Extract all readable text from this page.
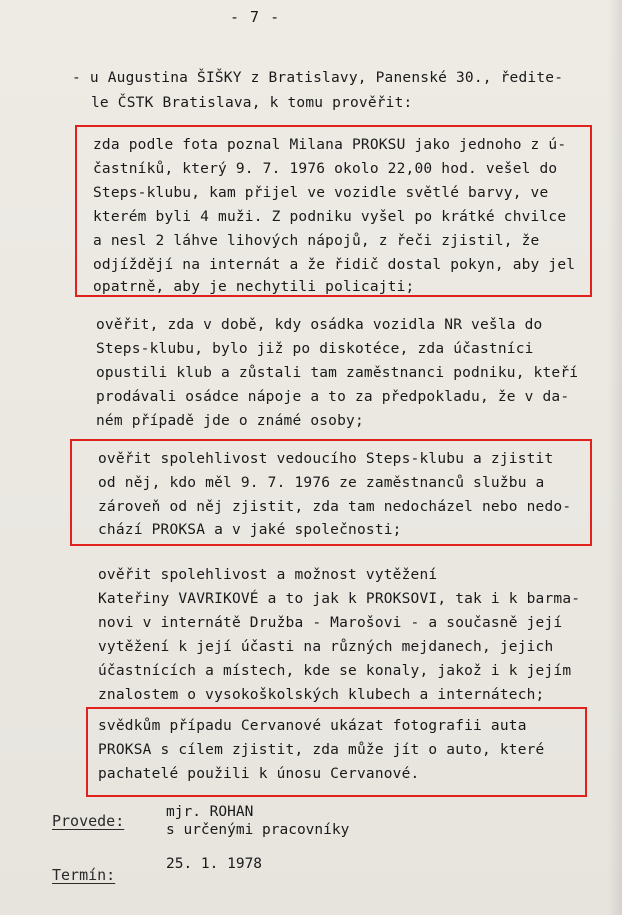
- 7 -
- u Augustina ŠIŠKY z Bratislavy, Panenské 30., ředite-
le ČSTK Bratislava, k tomu prověřit:
zda podle fota poznal Milana PROKSU jako jednoho z ú-
častníků, který 9. 7. 1976 okolo 22,00 hod. vešel do
Steps-klubu, kam přijel ve vozidle světlé barvy, ve
kterém byli 4 muži. Z podniku vyšel po krátké chvilce
a nesl 2 láhve lihových nápojů, z řeči zjistil, že
odjíždějí na internát a že řidič dostal pokyn, aby jel
opatrně, aby je nechytili policajti;
ověřit, zda v době, kdy osádka vozidla NR vešla do
Steps-klubu, bylo již po diskotéce, zda účastníci
opustili klub a zůstali tam zaměstnanci podniku, kteří
prodávali osádce nápoje a to za předpokladu, že v da-
ném případě jde o známé osoby;
ověřit spolehlivost vedoucího Steps-klubu a zjistit
od něj, kdo měl 9. 7. 1976 ze zaměstnanců službu a
zároveň od něj zjistit, zda tam nedocházel nebo nedo-
chází PROKSA a v jaké společnosti;
ověřit spolehlivost a možnost vytěžení
Kateřiny VAVRIKOVÉ a to jak k PROKSOVI, tak i k barma-
novi v internátě Družba - Marošovi - a současně její
vytěžení k její účasti na různých mejdanech, jejich
účastnících a místech, kde se konaly, jakož i k jejím
znalostem o vysokoškolských klubech a internátech;
svědkům případu Cervanové ukázat fotografii auta
PROKSA s cílem zjistit, zda může jít o auto, které
pachatelé použili k únosu Cervanové.
Provede:	mjr. ROHAN
s určenými pracovníky
Termín:
25. 1. 1978
